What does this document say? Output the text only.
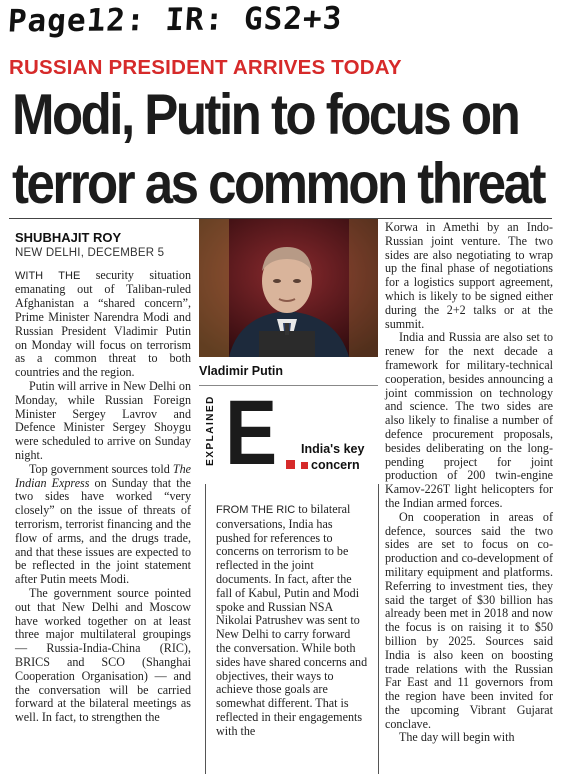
Page12: IR: GS2+3
RUSSIAN PRESIDENT ARRIVES TODAY
Modi, Putin to focus on
terror as common threat
SHUBHAJIT ROY
NEW DELHI, DECEMBER 5

WITH THE security situation emanating out of Taliban-ruled Afghanistan a “shared concern”, Prime Minister Narendra Modi and Russian President Vladimir Putin on Monday will focus on terrorism as a common threat to both countries and the region.

Putin will arrive in New Delhi on Monday, while Russian Foreign Minister Sergey Lavrov and Defence Minister Sergey Shoygu were scheduled to arrive on Sunday night.

Top government sources told The Indian Express on Sunday that the two sides have worked “very closely” on the issue of threats of terrorism, terrorist financing and the flow of arms, and the drugs trade, and that these issues are expected to be reflected in the joint statement after Putin meets Modi.

The government source pointed out that New Delhi and Moscow have worked together on at least three major multilateral groupings — Russia-India-China (RIC), BRICS and SCO (Shanghai Cooperation Organisation) — and the conversation will be carried forward at the bilateral meetings as well. In fact, to strengthen the

Vladimir Putin
EXPLAINED E India's key
concern

FROM THE RIC to bilateral conversations, India has pushed for references to concerns on terrorism to be reflected in the joint documents. In fact, after the fall of Kabul, Putin and Modi spoke and Russian NSA Nikolai Patrushev was sent to New Delhi to carry forward the conversation. While both sides have shared concerns and objectives, their ways to achieve those goals are somewhat different. That is reflected in their engagements with the

Korwa in Amethi by an Indo-Russian joint venture. The two sides are also negotiating to wrap up the final phase of negotiations for a logistics support agreement, which is likely to be signed either during the 2+2 talks or at the summit.

India and Russia are also set to renew for the next decade a framework for military-technical cooperation, besides announcing a joint commission on technology and science. The two sides are also likely to finalise a number of defence procurement proposals, besides deliberating on the long-pending project for joint production of 200 twin-engine Kamov-226T light helicopters for the Indian armed forces.

On cooperation in areas of defence, sources said the two sides are set to focus on co-production and co-development of military equipment and platforms. Referring to investment ties, they said the target of $30 billion has already been met in 2018 and now the focus is on raising it to $50 billion by 2025. Sources said India is also keen on boosting trade relations with the Russian Far East and 11 governors from the region have been invited for the upcoming Vibrant Gujarat conclave.

The day will begin with
